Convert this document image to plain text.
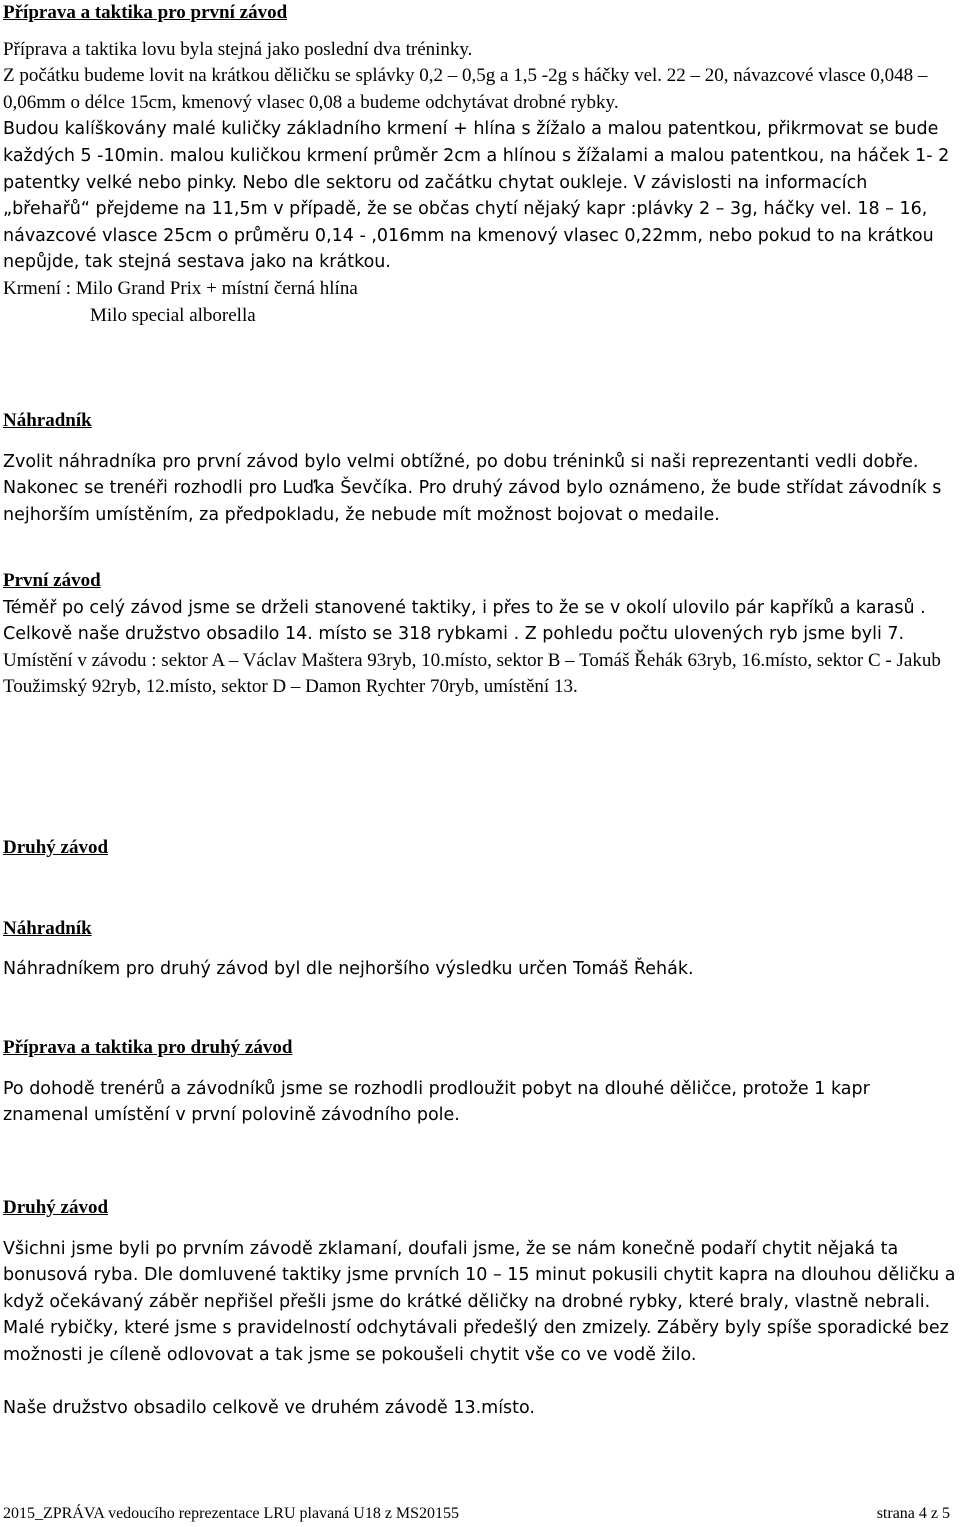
Příprava a taktika pro první závod

Příprava a taktika lovu byla stejná jako poslední dva tréninky.

Z počátku budeme lovit na krátkou děličku se splávky 0,2 – 0,5g a 1,5 -2g s háčky vel. 22 – 20, návazcové vlasce 0,048 – 0,06mm o délce 15cm, kmenový vlasec 0,08 a budeme odchytávat drobné rybky.

Budou kalíškovány malé kuličky základního krmení + hlína s žížalo a malou patentkou, přikrmovat se bude každých 5 -10min. malou kuličkou krmení průměr 2cm a hlínou s žížalami a malou patentkou, na háček 1- 2 patentky velké nebo pinky. Nebo dle sektoru od začátku chytat oukleje. V závislosti na informacích „břehařů“ přejdeme na 11,5m v případě, že se občas chytí nějaký kapr :plávky 2 – 3g, háčky vel. 18 – 16, návazcové vlasce 25cm o průměru 0,14 - ,016mm na kmenový vlasec 0,22mm, nebo pokud to na krátkou nepůjde, tak stejná sestava jako na krátkou.

Krmení : Milo Grand Prix + místní černá hlína

Milo special alborella

Náhradník

Zvolit náhradníka pro první závod bylo velmi obtížné, po dobu tréninků si naši reprezentanti vedli dobře. Nakonec se trenéři rozhodli pro Luďka Ševčíka. Pro druhý závod bylo oznámeno, že bude střídat závodník s nejhorším umístěním, za předpokladu, že nebude mít možnost bojovat o medaile.

První závod

Téměř po celý závod jsme se drželi stanovené taktiky, i přes to že se v okolí ulovilo pár kapříků a karasů .

Celkově naše družstvo obsadilo 14. místo se 318 rybkami . Z pohledu počtu ulovených ryb jsme byli 7.

Umístění v závodu : sektor A – Václav Maštera 93ryb, 10.místo, sektor B – Tomáš Řehák 63ryb, 16.místo, sektor C - Jakub Toužimský 92ryb, 12.místo, sektor D – Damon Rychter 70ryb, umístění 13.

Druhý závod
Náhradník

Náhradníkem pro druhý závod byl dle nejhoršího výsledku určen Tomáš Řehák.

Příprava a taktika pro druhý závod

Po dohodě trenérů a závodníků jsme se rozhodli prodloužit pobyt na dlouhé děličce, protože 1 kapr znamenal umístění v první polovině závodního pole.

Druhý závod

Všichni jsme byli po prvním závodě zklamaní, doufali jsme, že se nám konečně podaří chytit nějaká ta bonusová ryba. Dle domluvené taktiky jsme prvních 10 – 15 minut pokusili chytit kapra na dlouhou děličku a když očekávaný záběr nepřišel přešli jsme do krátké děličky na drobné rybky, které braly, vlastně nebrali. Malé rybičky, které jsme s pravidelností odchytávali předešlý den zmizely. Záběry byly spíše sporadické bez možnosti je cíleně odlovovat a tak jsme se pokoušeli chytit vše co ve vodě žilo.

Naše družstvo obsadilo celkově ve druhém závodě 13.místo.

2015_ZPRÁVA vedoucího reprezentace LRU plavaná U18 z MS20155	strana 4 z 5
